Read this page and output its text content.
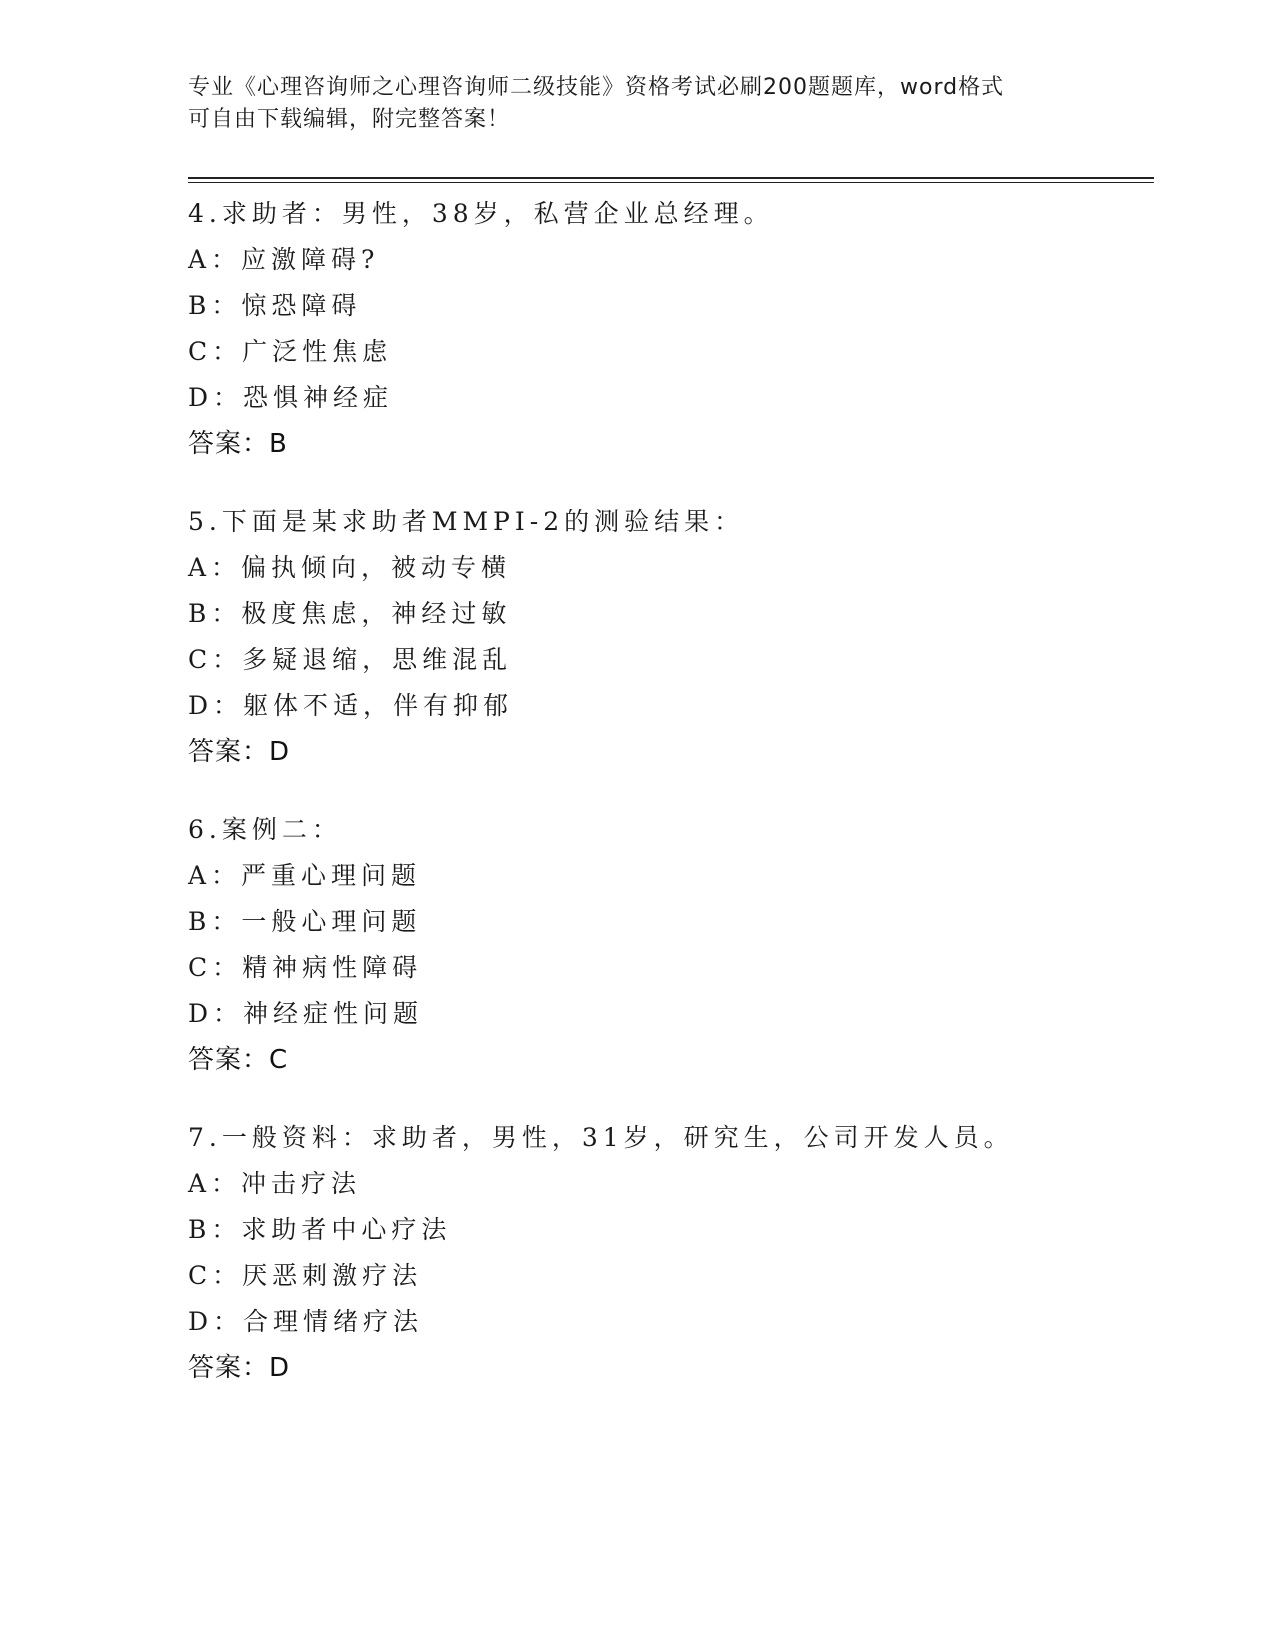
专业《心理咨询师之心理咨询师二级技能》资格考试必刷200题题库，word格式
可自由下载编辑，附完整答案！
4.求助者：男性，38岁，私营企业总经理。
A：应激障碍?
B：惊恐障碍
C：广泛性焦虑
D：恐惧神经症
答案：B
5.下面是某求助者MMPI-2的测验结果：
A：偏执倾向，被动专横
B：极度焦虑，神经过敏
C：多疑退缩，思维混乱
D：躯体不适，伴有抑郁
答案：D
6.案例二：
A：严重心理问题
B：一般心理问题
C：精神病性障碍
D：神经症性问题
答案：C
7.一般资料：求助者，男性，31岁，研究生，公司开发人员。
A：冲击疗法
B：求助者中心疗法
C：厌恶刺激疗法
D：合理情绪疗法
答案：D
